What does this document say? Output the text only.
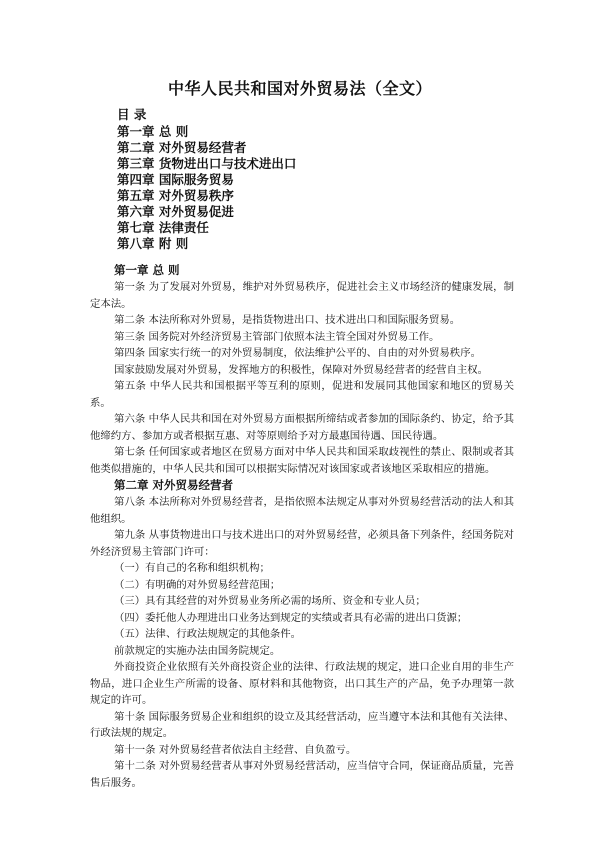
中华人民共和国对外贸易法（全文）
目 录
第一章 总 则
第二章 对外贸易经营者
第三章 货物进出口与技术进出口
第四章 国际服务贸易
第五章 对外贸易秩序
第六章 对外贸易促进
第七章 法律责任
第八章 附 则
第一章 总 则

第一条 为了发展对外贸易，维护对外贸易秩序，促进社会主义市场经济的健康发展，制定本法。

第二条 本法所称对外贸易，是指货物进出口、技术进出口和国际服务贸易。

第三条 国务院对外经济贸易主管部门依照本法主管全国对外贸易工作。

第四条 国家实行统一的对外贸易制度，依法维护公平的、自由的对外贸易秩序。

国家鼓励发展对外贸易，发挥地方的积极性，保障对外贸易经营者的经营自主权。

第五条 中华人民共和国根据平等互利的原则，促进和发展同其他国家和地区的贸易关系。

第六条 中华人民共和国在对外贸易方面根据所缔结或者参加的国际条约、协定，给予其他缔约方、参加方或者根据互惠、对等原则给予对方最惠国待遇、国民待遇。

第七条 任何国家或者地区在贸易方面对中华人民共和国采取歧视性的禁止、限制或者其他类似措施的，中华人民共和国可以根据实际情况对该国家或者该地区采取相应的措施。

第二章 对外贸易经营者

第八条 本法所称对外贸易经营者，是指依照本法规定从事对外贸易经营活动的法人和其他组织。

第九条 从事货物进出口与技术进出口的对外贸易经营，必须具备下列条件，经国务院对外经济贸易主管部门许可：

（一）有自己的名称和组织机构；

（二）有明确的对外贸易经营范围；

（三）具有其经营的对外贸易业务所必需的场所、资金和专业人员；

（四）委托他人办理进出口业务达到规定的实绩或者具有必需的进出口货源；

（五）法律、行政法规规定的其他条件。

前款规定的实施办法由国务院规定。

外商投资企业依照有关外商投资企业的法律、行政法规的规定，进口企业自用的非生产物品，进口企业生产所需的设备、原材料和其他物资，出口其生产的产品，免予办理第一款规定的许可。

第十条 国际服务贸易企业和组织的设立及其经营活动，应当遵守本法和其他有关法律、行政法规的规定。

第十一条 对外贸易经营者依法自主经营、自负盈亏。

第十二条 对外贸易经营者从事对外贸易经营活动，应当信守合同，保证商品质量，完善售后服务。
